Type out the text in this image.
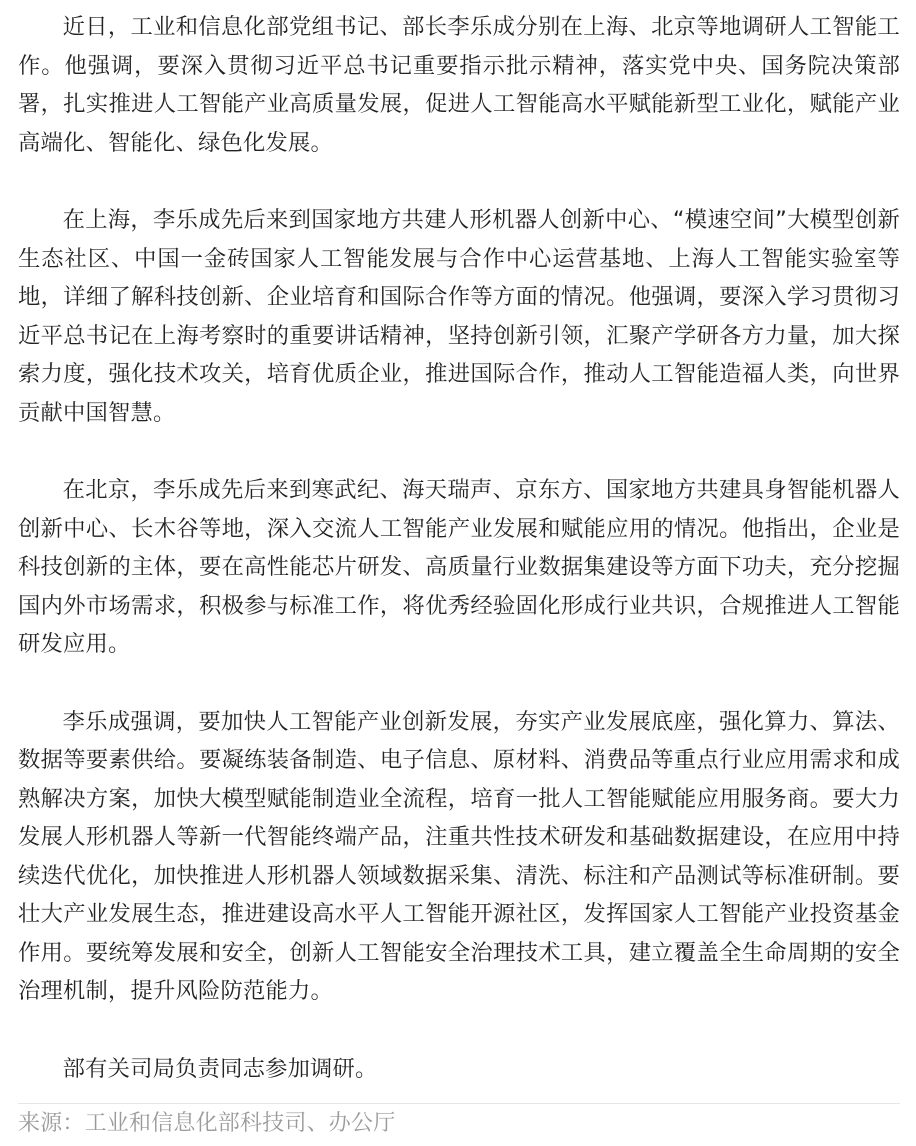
近日，工业和信息化部党组书记、部长李乐成分别在上海、北京等地调研人工智能工作。他强调，要深入贯彻习近平总书记重要指示批示精神，落实党中央、国务院决策部署，扎实推进人工智能产业高质量发展，促进人工智能高水平赋能新型工业化，赋能产业高端化、智能化、绿色化发展。

在上海，李乐成先后来到国家地方共建人形机器人创新中心、“模速空间”大模型创新生态社区、中国一金砖国家人工智能发展与合作中心运营基地、上海人工智能实验室等地，详细了解科技创新、企业培育和国际合作等方面的情况。他强调，要深入学习贯彻习近平总书记在上海考察时的重要讲话精神，坚持创新引领，汇聚产学研各方力量，加大探索力度，强化技术攻关，培育优质企业，推进国际合作，推动人工智能造福人类，向世界贡献中国智慧。

在北京，李乐成先后来到寒武纪、海天瑞声、京东方、国家地方共建具身智能机器人创新中心、长木谷等地，深入交流人工智能产业发展和赋能应用的情况。他指出，企业是科技创新的主体，要在高性能芯片研发、高质量行业数据集建设等方面下功夫，充分挖掘国内外市场需求，积极参与标准工作，将优秀经验固化形成行业共识，合规推进人工智能研发应用。

李乐成强调，要加快人工智能产业创新发展，夯实产业发展底座，强化算力、算法、数据等要素供给。要凝练装备制造、电子信息、原材料、消费品等重点行业应用需求和成熟解决方案，加快大模型赋能制造业全流程，培育一批人工智能赋能应用服务商。要大力发展人形机器人等新一代智能终端产品，注重共性技术研发和基础数据建设，在应用中持续迭代优化，加快推进人形机器人领域数据采集、清洗、标注和产品测试等标准研制。要壮大产业发展生态，推进建设高水平人工智能开源社区，发挥国家人工智能产业投资基金作用。要统筹发展和安全，创新人工智能安全治理技术工具，建立覆盖全生命周期的安全治理机制，提升风险防范能力。

部有关司局负责同志参加调研。

来源：工业和信息化部科技司、办公厅
